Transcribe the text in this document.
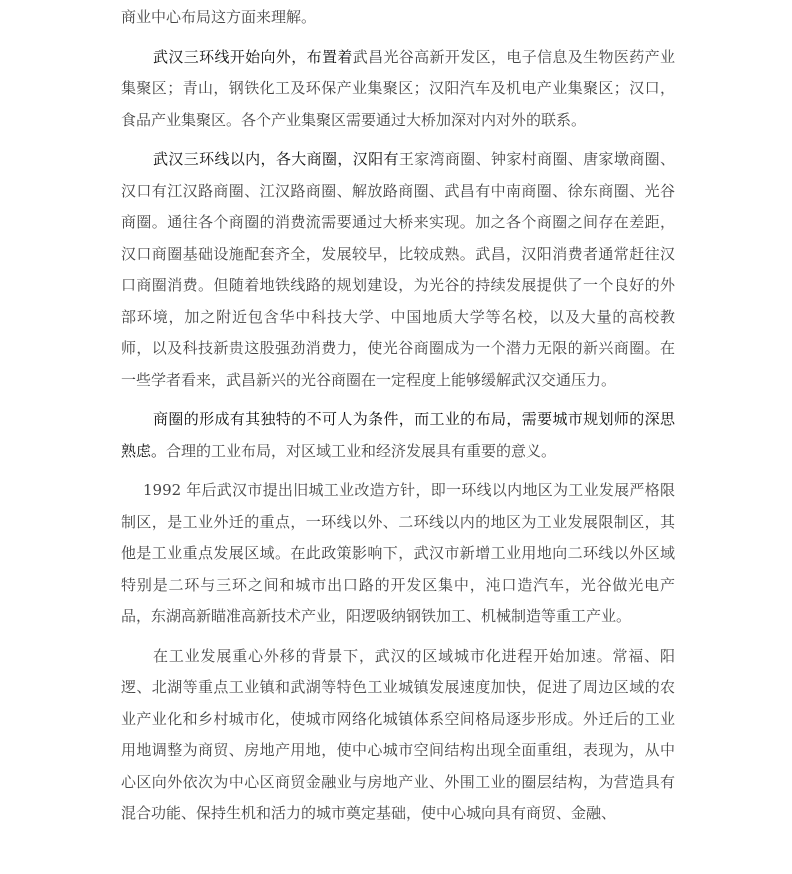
商业中心布局这方面来理解。

武汉三环线开始向外，布置着武昌光谷高新开发区，电子信息及生物医药产业集聚区；青山，钢铁化工及环保产业集聚区；汉阳汽车及机电产业集聚区；汉口，食品产业集聚区。各个产业集聚区需要通过大桥加深对内对外的联系。

武汉三环线以内，各大商圈，汉阳有王家湾商圈、钟家村商圈、唐家墩商圈、汉口有江汉路商圈、江汉路商圈、解放路商圈、武昌有中南商圈、徐东商圈、光谷商圈。通往各个商圈的消费流需要通过大桥来实现。加之各个商圈之间存在差距，汉口商圈基础设施配套齐全，发展较早，比较成熟。武昌，汉阳消费者通常赶往汉口商圈消费。但随着地铁线路的规划建设，为光谷的持续发展提供了一个良好的外部环境，加之附近包含华中科技大学、中国地质大学等名校，以及大量的高校教师，以及科技新贵这股强劲消费力，使光谷商圈成为一个潜力无限的新兴商圈。在一些学者看来，武昌新兴的光谷商圈在一定程度上能够缓解武汉交通压力。

商圈的形成有其独特的不可人为条件，而工业的布局，需要城市规划师的深思熟虑。合理的工业布局，对区域工业和经济发展具有重要的意义。

1992 年后武汉市提出旧城工业改造方针，即一环线以内地区为工业发展严格限制区，是工业外迁的重点，一环线以外、二环线以内的地区为工业发展限制区，其他是工业重点发展区域。在此政策影响下，武汉市新增工业用地向二环线以外区域特别是二环与三环之间和城市出口路的开发区集中，沌口造汽车，光谷做光电产品，东湖高新瞄准高新技术产业，阳逻吸纳钢铁加工、机械制造等重工产业。

在工业发展重心外移的背景下，武汉的区域城市化进程开始加速。常福、阳逻、北湖等重点工业镇和武湖等特色工业城镇发展速度加快，促进了周边区域的农业产业化和乡村城市化，使城市网络化城镇体系空间格局逐步形成。外迁后的工业用地调整为商贸、房地产用地，使中心城市空间结构出现全面重组，表现为，从中心区向外依次为中心区商贸金融业与房地产业、外围工业的圈层结构，为营造具有混合功能、保持生机和活力的城市奠定基础，使中心城向具有商贸、金融、
